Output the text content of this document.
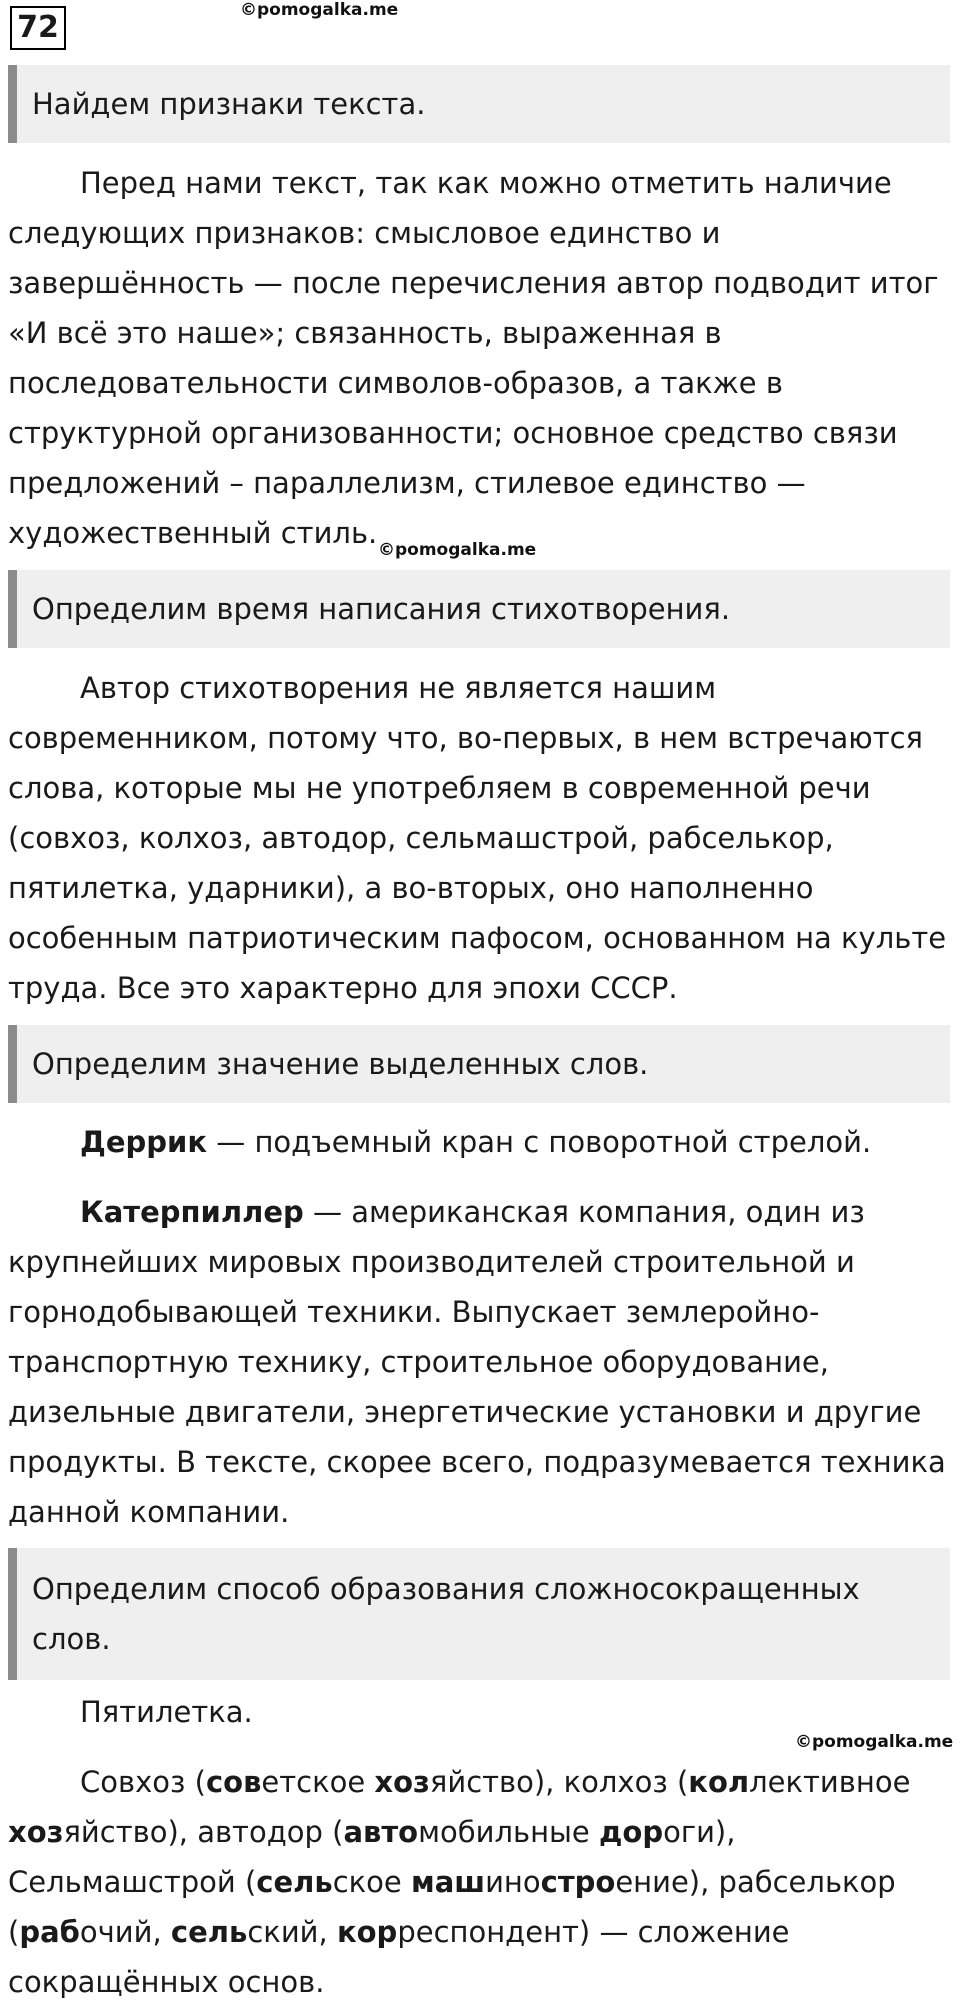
72	©pomogalka.me
Найдем признаки текста.

Перед нами текст, так как можно отметить наличие следующих признаков: смысловое единство и завершённость — после перечисления автор подводит итог «И всё это наше»; связанность, выраженная в последовательности символов-образов, а также в структурной организованности; основное средство связи предложений – параллелизм, стилевое единство — художественный стиль. ©pomogalka.me
Определим время написания стихотворения.

Автор стихотворения не является нашим современником, потому что, во-первых, в нем встречаются слова, которые мы не употребляем в современной речи (совхоз, колхоз, автодор, сельмашстрой, рабселькор, пятилетка, ударники), а во-вторых, оно наполненно особенным патриотическим пафосом, основанном на культе труда. Все это характерно для эпохи СССР.

Определим значение выделенных слов.

Деррик — подъемный кран с поворотной стрелой.

Катерпиллер — американская компания, один из крупнейших мировых производителей строительной и горнодобывающей техники. Выпускает землеройно-транспортную технику, строительное оборудование, дизельные двигатели, энергетические установки и другие продукты. В тексте, скорее всего, подразумевается техника данной компании.

Определим способ образования сложносокращенных слов.

Пятилетка.

©pomogalka.me

Совхоз (советское хозяйство), колхоз (коллективное хозяйство), автодор (автомобильные дороги), Сельмашстрой (сельское машиностроение), рабселькор (рабочий, сельский, корреспондент) — сложение сокращённых основ.
